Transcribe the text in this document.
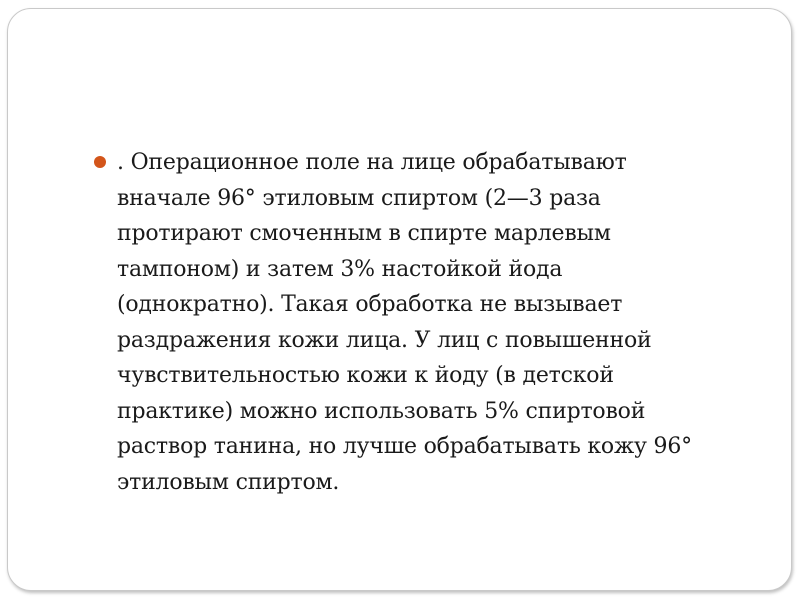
. Операционное поле на лице обрабатывают
вначале 96° этиловым спиртом (2—3 раза
протирают смоченным в спирте марлевым
тампоном) и затем 3% настойкой йода
(однократно). Такая обработка не вызывает
раздражения кожи лица. У лиц с повышенной
чувствительностью кожи к йоду (в детской
практике) можно использовать 5% спиртовой
раствор танина, но лучше обрабатывать кожу 96°
этиловым спиртом.
